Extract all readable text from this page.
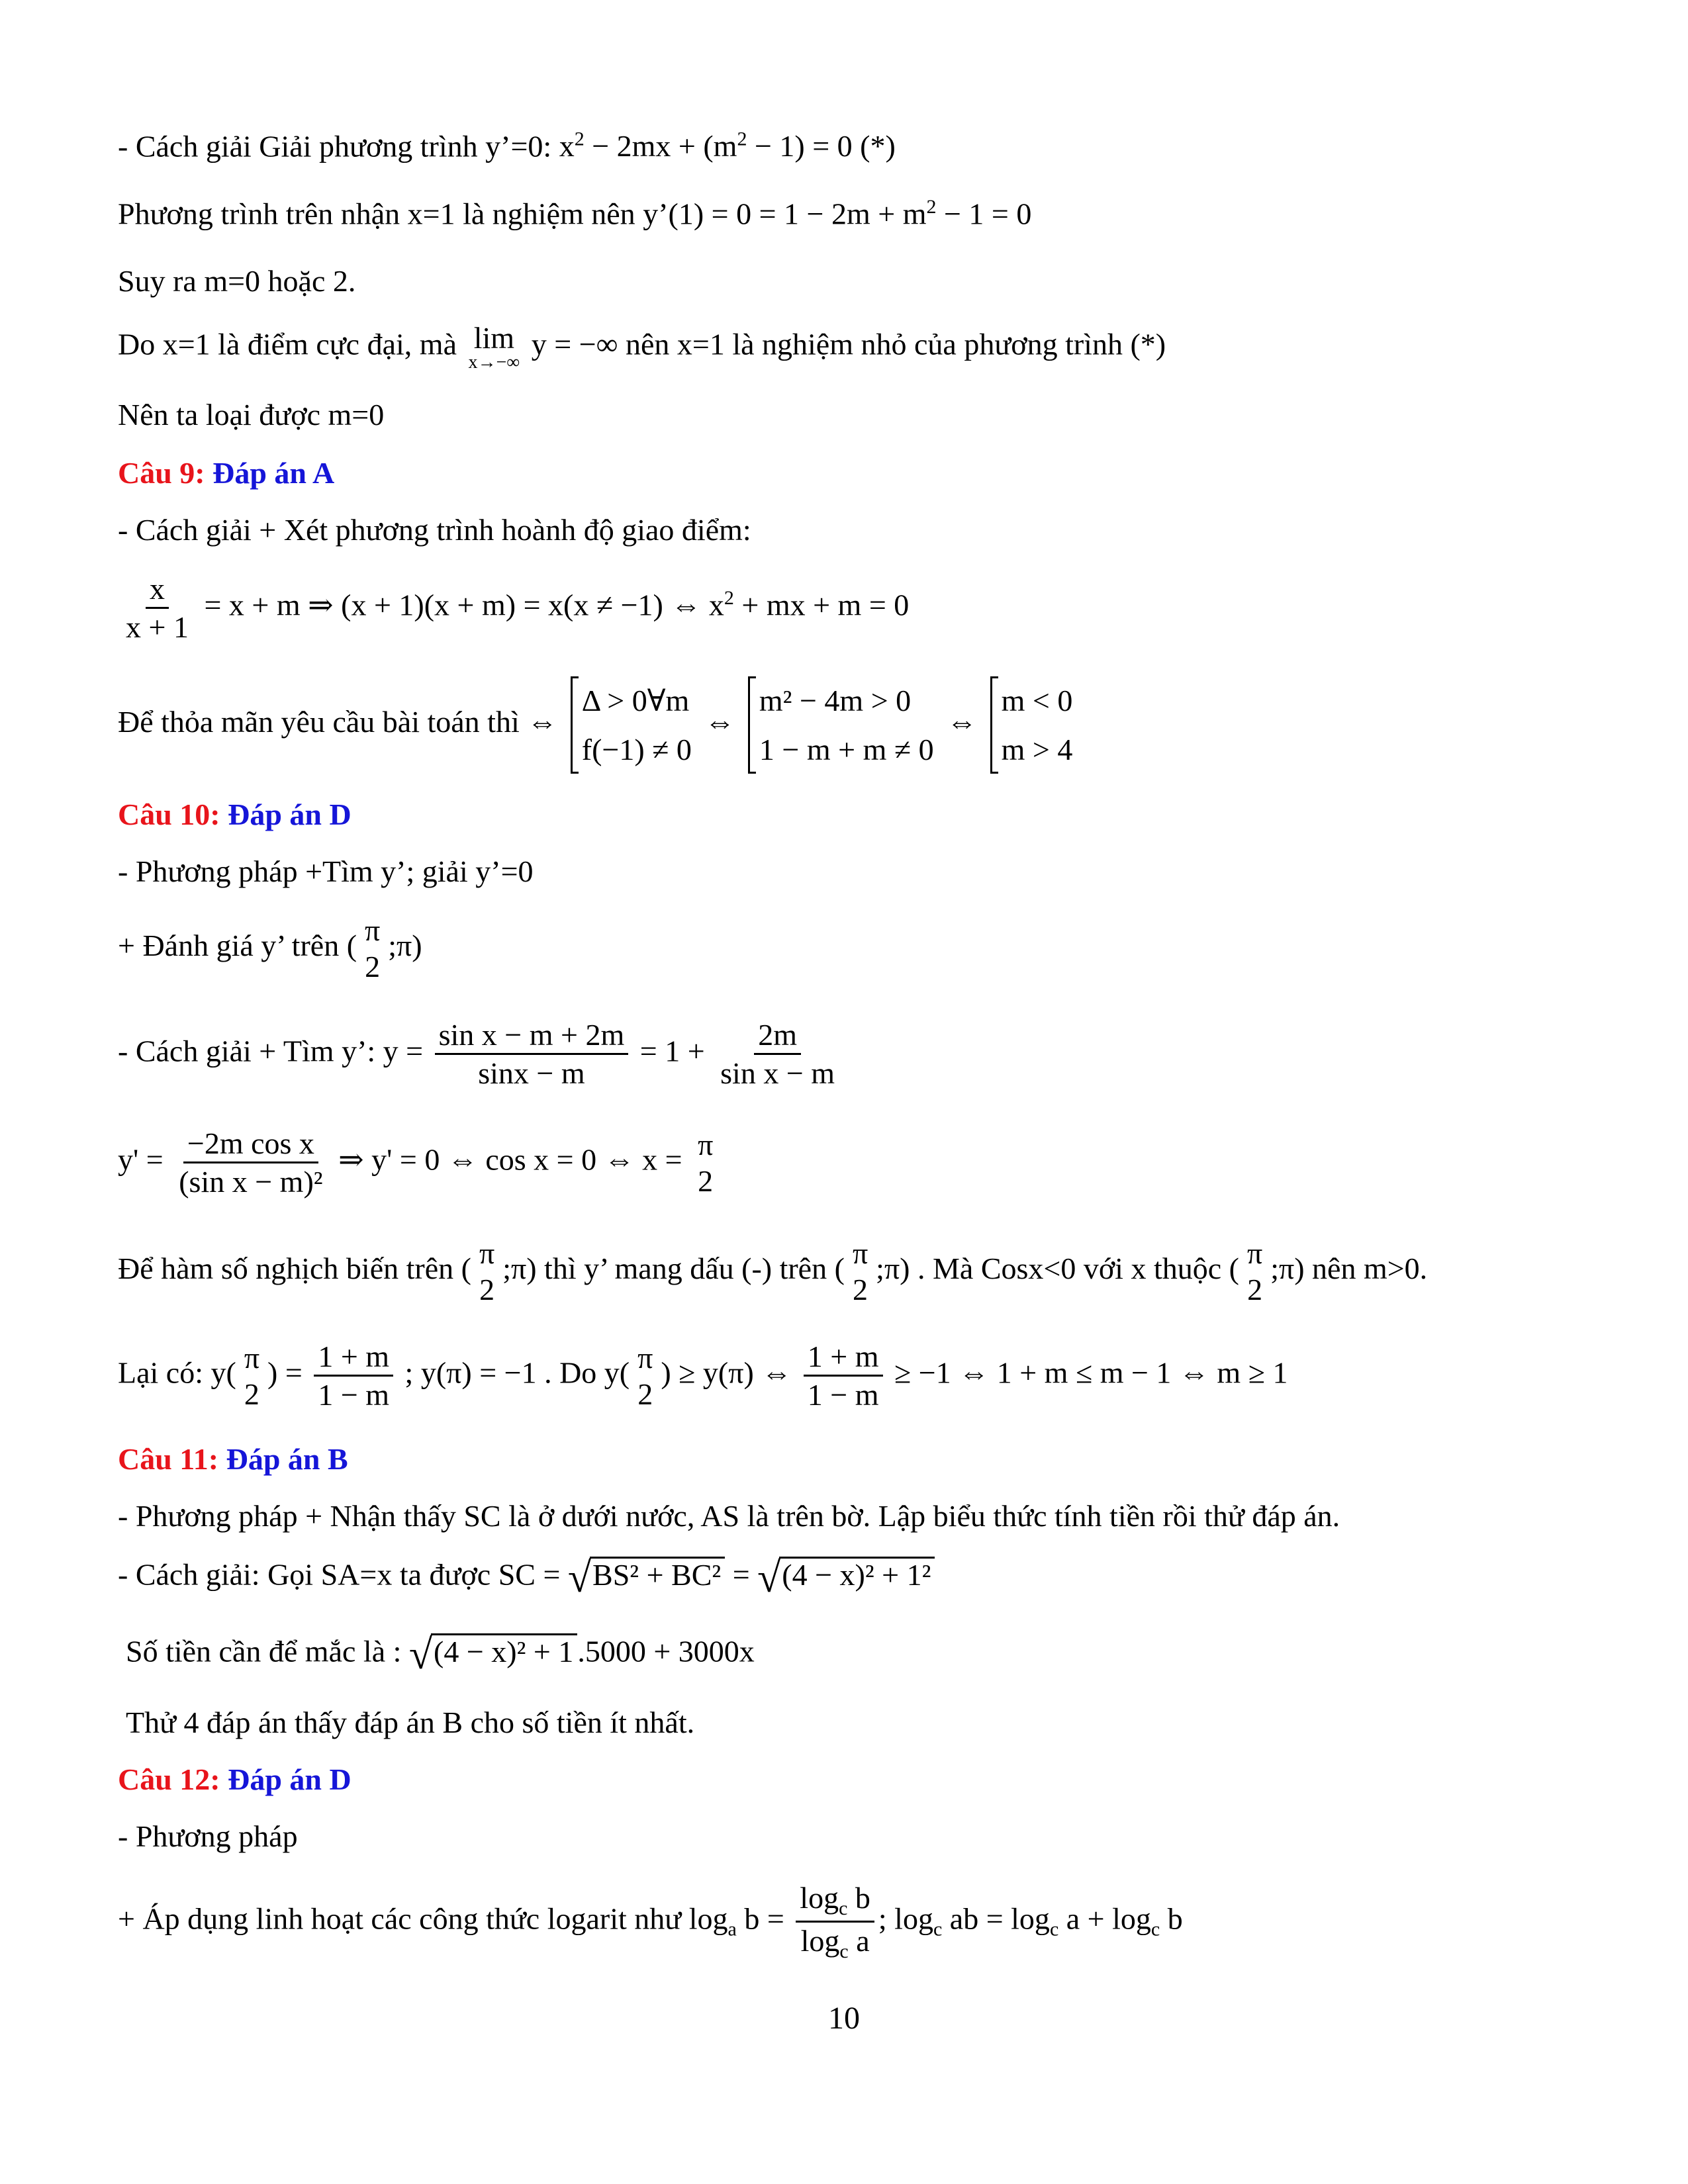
- Cách giải Giải phương trình y’=0: $x^2 - 2mx + (m^2 - 1) = 0$ (*)
Phương trình trên nhận x=1 là nghiệm nên y’(1) = $0 = 1 - 2m + m^2 - 1 = 0$
Suy ra m=0 hoặc 2.
Do x=1 là điểm cực đại, mà lim
x→−∞
y = −∞ nên x=1 là nghiệm nhỏ của phương trình (*)
Nên ta loại được m=0
Câu 9: Đáp án A
- Cách giải + Xét phương trình hoành độ giao điểm:
$\frac{x}{x + 1} = x + m$ ⇒ (x + 1)(x + m) = x(x ≠ −1) ⇔ $x^2$ + mx + m = 0
Để thỏa mãn yêu cầu bài toán thì ⇔
Δ > 0∀m
f(−1) ≠ 0
⇔
m² − 4m > 0
1 − m + m ≠ 0
⇔
m < 0
m > 4
Câu 10: Đáp án D
- Phương pháp +Tìm y’; giải y’=0
+ Đánh giá y’ trên ( π
2
;π)
- Cách giải + Tìm y’: $y = \frac{\text{sin x − m + 2m}}{\sin x - m} = 1 + \frac{2m}{\text{sin x − m}}$
$y' = \frac{\text{−2m cos x}}{\text{(sin x − m)²}}$ ⇒ y' = 0 ⇔ cos x = 0 ⇔ x = π
2
Để hàm số nghịch biến trên ( π
2
;π) thì y’ mang dấu (-) trên ( π
2
;π) . Mà Cosx<0 với x thuộc ( π
2
;π) nên m>0.
Lại có: y( π
2
) = $\frac{1 + m}{1 - m}$ ; y(π) = −1 . Do y( π
2
) ≥ y(π) ⇔ $\frac{1 + m}{1 - m} \ge -1$ ⇔ 1 + m ≤ m − 1 ⇔ m ≥ 1
Câu 11: Đáp án B
- Phương pháp + Nhận thấy SC là ở dưới nước, AS là trên bờ. Lập biểu thức tính tiền rồi thử đáp án.
- Cách giải: Gọi SA=x ta được SC = √ BS² + BC² = √ (4 − x)² + 1²
Số tiền cần để mắc là : √ (4 − x)² + 1 .5000 + 3000x
Thử 4 đáp án thấy đáp án B cho số tiền ít nhất.
Câu 12: Đáp án D
- Phương pháp
+ Áp dụng linh hoạt các công thức logarit như $\log_a b = \frac{\log_c b}{\log_c a}$ ; $\log_c$ ab = $\log_c a + \log_c b$
10
